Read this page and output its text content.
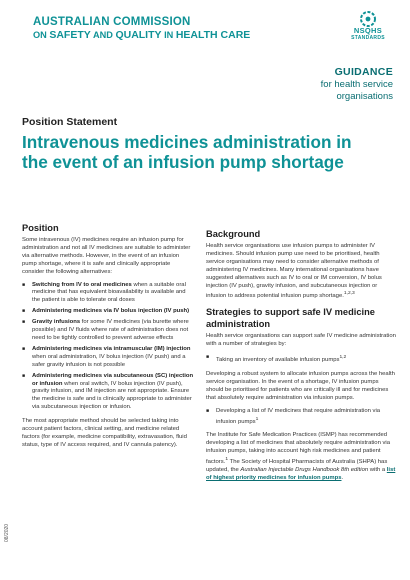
AUSTRALIAN COMMISSION
ON SAFETY AND QUALITY IN HEALTH CARE	NSQHS
STANDARDS
GUIDANCE
for health service
organisations
Position Statement
Intravenous medicines administration in the event of an infusion pump shortage
Position

Some intravenous (IV) medicines require an infusion pump for administration and not all IV medicines are suitable to administer via alternative methods. However, in the event of an infusion pump shortage, where it is safe and clinically appropriate consider the following alternatives:

■ Switching from IV to oral medicines when a suitable oral medicine that has equivalent bioavailability is available and the patient is able to tolerate oral doses
■ Administering medicines via IV bolus injection (IV push)
■ Gravity infusions for some IV medicines (via burette where possible) and IV fluids where rate of administration does not need to be tightly controlled to prevent adverse effects
■ Administering medicines via intramuscular (IM) injection when oral administration, IV bolus injection (IV push) and a safer gravity infusion is not possible
■ Administering medicines via subcutaneous (SC) injection or infusion when oral switch, IV bolus injection (IV push), gravity infusion, and IM injection are not appropriate. Ensure the medicine is safe and is clinically appropriate to administer via subcutaneous injection or infusion.

The most appropriate method should be selected taking into account patient factors, clinical setting, and medicine related factors (for example, medicine compatibility, extravasation, fluid status, type of IV access required, and IV cannula patency).

Background

Health service organisations use infusion pumps to administer IV medicines. Should infusion pump use need to be prioritised, health service organisations may need to consider alternative methods of administering IV medicines. Many international organisations have suggested alternatives such as IV to oral or IM conversion, IV bolus injection (IV push), gravity infusion, and subcutaneous injection or infusion to address potential infusion pump shortage.$^{1,2,3}$

Strategies to support safe IV medicine administration

Health service organisations can support safe IV medicine administration with a number of strategies by:

■ Taking an inventory of available infusion pumps$^{1,2}$

Developing a robust system to allocate infusion pumps across the health service organisation. In the event of a shortage, IV infusion pumps should be prioritised for patients who are critically ill and for medicines that absolutely require administration via infusion pumps.

■ Developing a list of IV medicines that require administration via infusion pumps$^1$

The Institute for Safe Medication Practices (ISMP) has recommended developing a list of medicines that absolutely require administration via infusion pumps, taking into account high risk medicines and patient factors.$^1$ The Society of Hospital Pharmacists of Australia (SHPA) has updated, the Australian Injectable Drugs Handbook 8th edition with a list of highest priority medicines for infusion pumps.

08/2020
